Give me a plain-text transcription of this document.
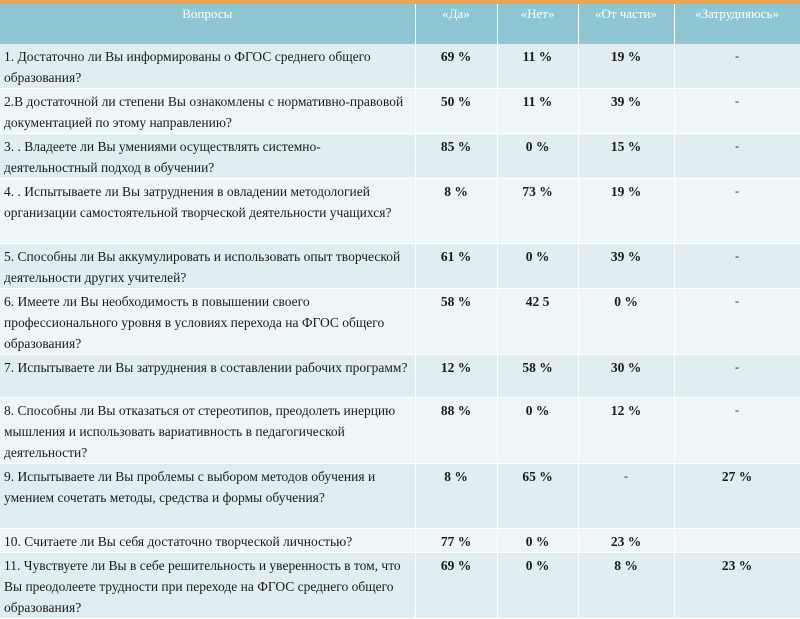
Вопросы	«Да»	«Нет»	«От части»	«Затрудняюсь»
1. Достаточно ли Вы информированы о ФГОС среднего общего образования?	69 %	11 %	19 %	-
2.В достаточной ли степени Вы ознакомлены с нормативно-правовой документацией по этому направлению?	50 %	11 %	39 %	-
3. . Владеете ли Вы умениями осуществлять системно-деятельностный подход в обучении?	85 %	0 %	15 %	-
4. . Испытываете ли Вы затруднения в овладении методологией организации самостоятельной творческой деятельности учащихся?	8 %	73 %	19 %	-
5. Способны ли Вы аккумулировать и использовать опыт творческой деятельности других учителей?	61 %	0 %	39 %	-
6. Имеете ли Вы необходимость в повышении своего профессионального уровня в условиях перехода на ФГОС общего образования?	58 %	42 5	0 %	-
7. Испытываете ли Вы затруднения в составлении рабочих программ?	12 %	58 %	30 %	-
8. Способны ли Вы отказаться от стереотипов, преодолеть инерцию мышления и использовать вариативность в педагогической деятельности?	88 %	0 %	12 %	-
9. Испытываете ли Вы проблемы с выбором методов обучения и умением сочетать методы, средства и формы обучения?	8 %	65 %	-	27 %
10. Считаете ли Вы себя достаточно творческой личностью?	77 %	0 %	23 %	
11. Чувствуете ли Вы в себе решительность и уверенность в том, что Вы преодолеете трудности при переходе на ФГОС среднего общего образования?	69 %	0 %	8 %	23 %
